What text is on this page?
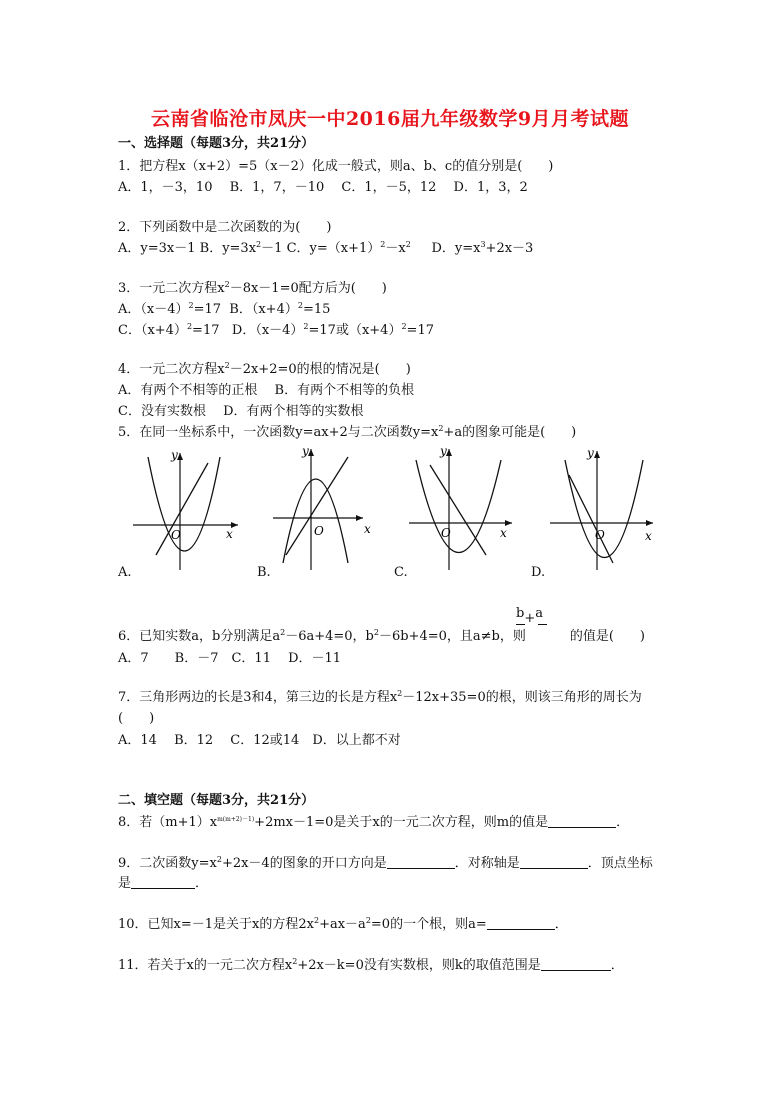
云南省临沧市凤庆一中2016届九年级数学9月月考试题
一、选择题（每题3分，共21分）
1．把方程x（x+2）=5（x－2）化成一般式，则a、b、c的值分别是(　　)
A．1，－3，10　 B．1，7，－10　 C．1，－5，12　 D．1，3，2
2．下列函数中是二次函数的为(　　)
A．y=3x－1 B．$y=3x^2-1$ C．$y=(x+1)^2-x^2$ D．$y=x^3+2x-3$
3．一元二次方程$x^2-8x-1=0$配方后为(　　)
A．$(x-4)^2=17$ B．$(x+4)^2=15$
C．$(x+4)^2=17$ D．$(x-4)^2=17$或$(x+4)^2=17$
4．一元二次方程$x^2-2x+2=0$的根的情况是(　　)
A．有两个不相等的正根　 B．有两个不相等的负根
C．没有实数根　 D．有两个相等的实数根
5．在同一坐标系中，一次函数y=ax+2与二次函数$y=x^2+a$的图象可能是(　　)
y
x
O
A.
y
x
O
B.
y
x
O
C.
y
x
O
D.
6．已知实数a，b分别满足$a^2-6a+4=0$，$b^2-6b+4=0$，且a≠b，则	的值是(　　)
b+a
A．7　　B．－7　C．11　 D．－11
7．三角形两边的长是3和4，第三边的长是方程$x^2-12x+35=0$的根，则该三角形的周长为
(　　)
A．14　 B．12　 C．12或14　D．以上都不对
二、填空题（每题3分，共21分）
8．若$(m+1)x^{m(m+2)-1)}+2mx-1=0$是关于x的一元二次方程，则m的值是	．
9．二次函数$y=x^2+2x-4$的图象的开口方向是	．对称轴是	．顶点坐标
是	．
10．已知x=－1是关于x的方程$2x^2+ax-a^2=0$的一个根，则a=	．
11．若关于x的一元二次方程$x^2+2x-k=0$没有实数根，则k的取值范围是	．
